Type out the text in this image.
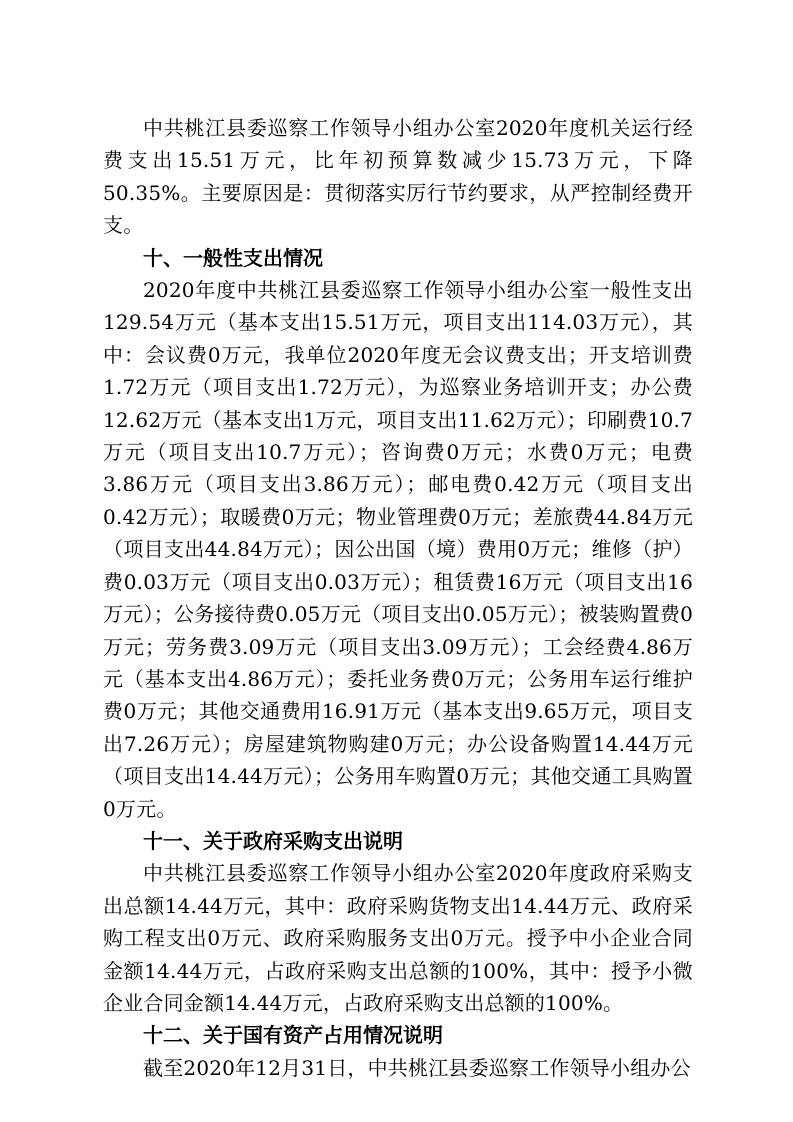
中共桃江县委巡察工作领导小组办公室2020年度机关运行经费支出15.51万元，比年初预算数减少15.73万元，下降50.35%。主要原因是：贯彻落实厉行节约要求，从严控制经费开支。

十、一般性支出情况

2020年度中共桃江县委巡察工作领导小组办公室一般性支出129.54万元（基本支出15.51万元，项目支出114.03万元），其中：会议费0万元，我单位2020年度无会议费支出；开支培训费1.72万元（项目支出1.72万元），为巡察业务培训开支；办公费12.62万元（基本支出1万元，项目支出11.62万元）；印刷费10.7万元（项目支出10.7万元）；咨询费0万元；水费0万元；电费3.86万元（项目支出3.86万元）；邮电费0.42万元（项目支出0.42万元）；取暖费0万元；物业管理费0万元；差旅费44.84万元（项目支出44.84万元）；因公出国（境）费用0万元；维修（护）费0.03万元（项目支出0.03万元）；租赁费16万元（项目支出16万元）；公务接待费0.05万元（项目支出0.05万元）；被装购置费0万元；劳务费3.09万元（项目支出3.09万元）；工会经费4.86万元（基本支出4.86万元）；委托业务费0万元；公务用车运行维护费0万元；其他交通费用16.91万元（基本支出9.65万元，项目支出7.26万元）；房屋建筑物购建0万元；办公设备购置14.44万元（项目支出14.44万元）；公务用车购置0万元；其他交通工具购置0万元。

十一、关于政府采购支出说明

中共桃江县委巡察工作领导小组办公室2020年度政府采购支出总额14.44万元，其中：政府采购货物支出14.44万元、政府采购工程支出0万元、政府采购服务支出0万元。授予中小企业合同金额14.44万元，占政府采购支出总额的100%，其中：授予小微企业合同金额14.44万元，占政府采购支出总额的100%。

十二、关于国有资产占用情况说明

截至2020年12月31日，中共桃江县委巡察工作领导小组办公
